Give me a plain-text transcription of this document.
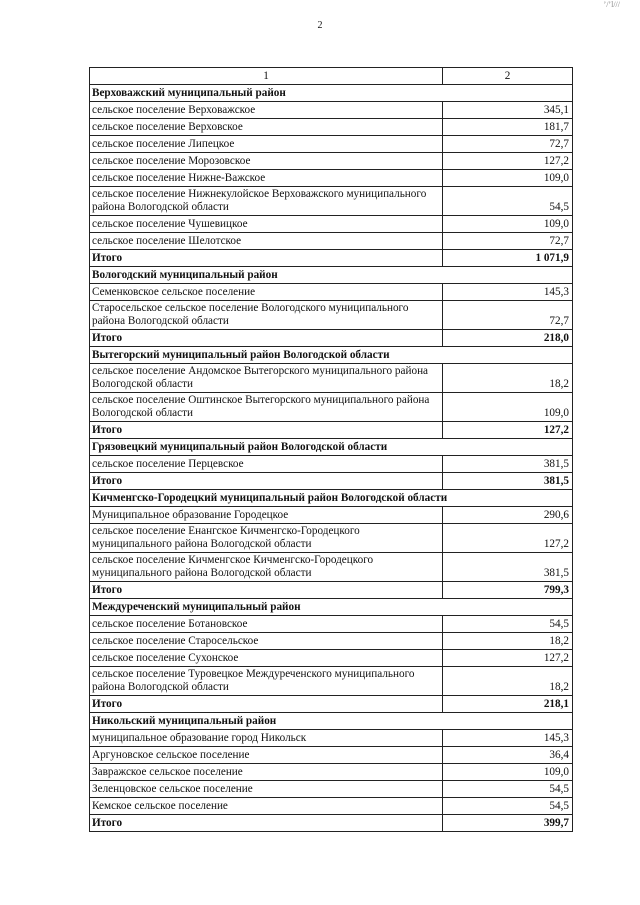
2
ʼ/ʼl///
1	2
Верховажский муниципальный район	
сельское поселение Верховажское	345,1
сельское поселение Верховское	181,7
сельское поселение Липецкое	72,7
сельское поселение Морозовское	127,2
сельское поселение Нижне-Важское	109,0
сельское поселение Нижнекулойское Верховажского муниципального района Вологодской области	54,5
сельское поселение Чушевицкое	109,0
сельское поселение Шелотское	72,7
Итого	1 071,9
Вологодский муниципальный район	
Семенковское сельское поселение	145,3
Старосельское сельское поселение Вологодского муниципального района Вологодской области	72,7
Итого	218,0
Вытегорский муниципальный район Вологодской области	
сельское поселение Андомское Вытегорского муниципального района Вологодской области	18,2
сельское поселение Оштинское Вытегорского муниципального района Вологодской области	109,0
Итого	127,2
Грязовецкий муниципальный район Вологодской области	
сельское поселение Перцевское	381,5
Итого	381,5
Кичменгско-Городецкий муниципальный район Вологодской области	
Муниципальное образование Городецкое	290,6
сельское поселение Енангское Кичменгско-Городецкого муниципального района Вологодской области	127,2
сельское поселение Кичменгское Кичменгско-Городецкого муниципального района Вологодской области	381,5
Итого	799,3
Междуреченский муниципальный район	
сельское поселение Ботановское	54,5
сельское поселение Старосельское	18,2
сельское поселение Сухонское	127,2
сельское поселение Туровецкое Междуреченского муниципального района Вологодской области	18,2
Итого	218,1
Никольский муниципальный район	
муниципальное образование город Никольск	145,3
Аргуновское сельское поселение	36,4
Завражское сельское поселение	109,0
Зеленцовское сельское поселение	54,5
Кемское сельское поселение	54,5
Итого	399,7
